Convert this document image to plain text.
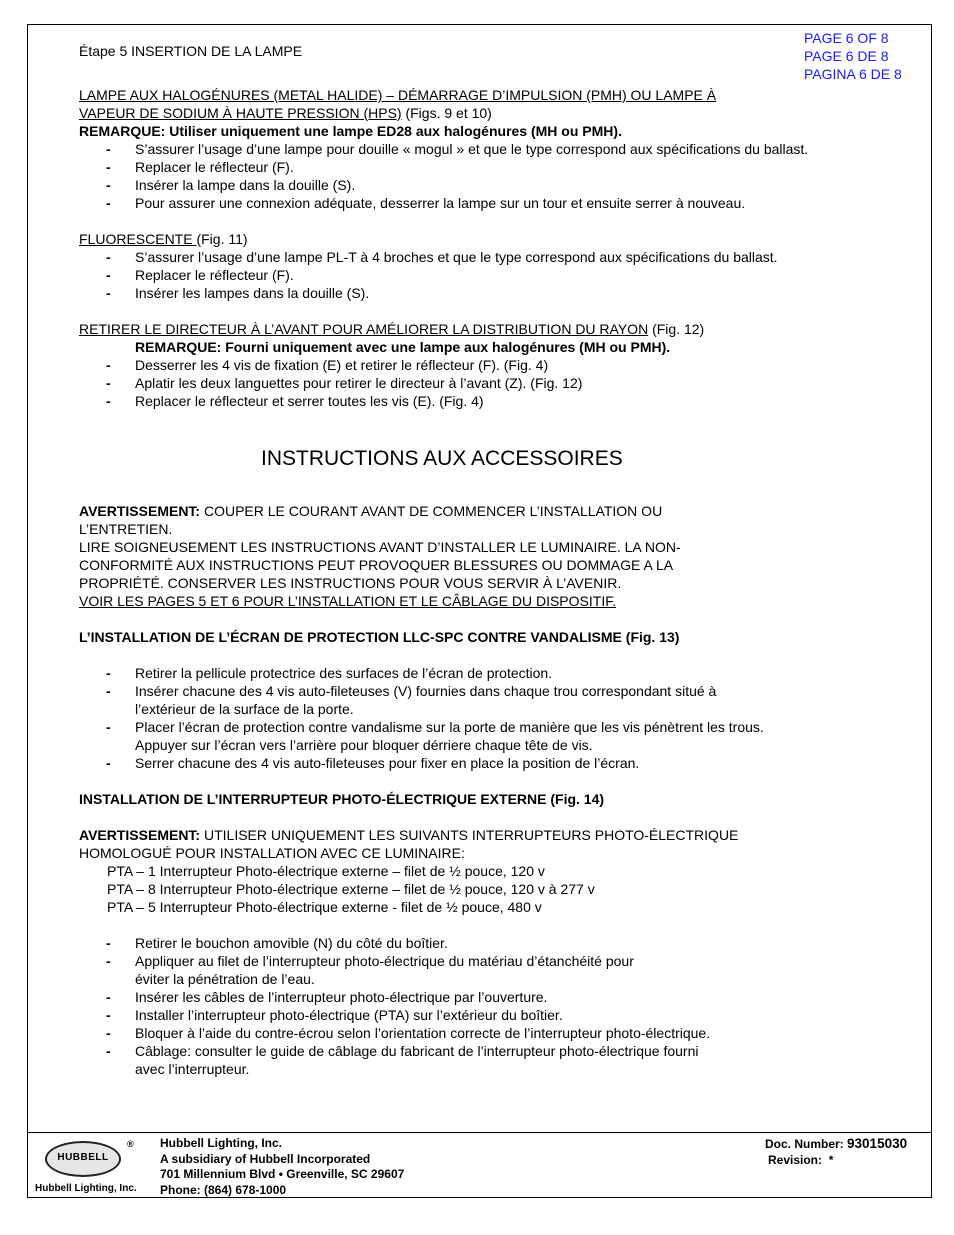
PAGE 6 OF 8
PAGE 6 DE 8
PAGINA 6 DE 8
Étape 5 INSERTION DE LA LAMPE
LAMPE AUX HALOGÉNURES (METAL HALIDE) – DÉMARRAGE D’IMPULSION (PMH) OU LAMPE À
VAPEUR DE SODIUM À HAUTE PRESSION (HPS) (Figs. 9 et 10)
REMARQUE: Utiliser uniquement une lampe ED28 aux halogénures (MH ou PMH).
- S’assurer l’usage d’une lampe pour douille « mogul » et que le type correspond aux spécifications du ballast.
- Replacer le réflecteur (F).
- Insérer la lampe dans la douille (S).
- Pour assurer une connexion adéquate, desserrer la lampe sur un tour et ensuite serrer à nouveau.
FLUORESCENTE (Fig. 11)
- S’assurer l’usage d’une lampe PL-T à 4 broches et que le type correspond aux spécifications du ballast.
- Replacer le réflecteur (F).
- Insérer les lampes dans la douille (S).
RETIRER LE DIRECTEUR À L’AVANT POUR AMÉLIORER LA DISTRIBUTION DU RAYON (Fig. 12)
REMARQUE: Fourni uniquement avec une lampe aux halogénures (MH ou PMH).
- Desserrer les 4 vis de fixation (E) et retirer le réflecteur (F). (Fig. 4)
- Aplatir les deux languettes pour retirer le directeur à l’avant (Z). (Fig. 12)
- Replacer le réflecteur et serrer toutes les vis (E). (Fig. 4)
INSTRUCTIONS AUX ACCESSOIRES
AVERTISSEMENT: COUPER LE COURANT AVANT DE COMMENCER L’INSTALLATION OU
L’ENTRETIEN.
LIRE SOIGNEUSEMENT LES INSTRUCTIONS AVANT D’INSTALLER LE LUMINAIRE. LA NON-
CONFORMITÉ AUX INSTRUCTIONS PEUT PROVOQUER BLESSURES OU DOMMAGE A LA
PROPRIÉTÉ. CONSERVER LES INSTRUCTIONS POUR VOUS SERVIR À L’AVENIR.
VOIR LES PAGES 5 ET 6 POUR L’INSTALLATION ET LE CÂBLAGE DU DISPOSITIF.
L’INSTALLATION DE L’ÉCRAN DE PROTECTION LLC-SPC CONTRE VANDALISME (Fig. 13)
- Retirer la pellicule protectrice des surfaces de l’écran de protection.
- Insérer chacune des 4 vis auto-fileteuses (V) fournies dans chaque trou correspondant situé à
l’extérieur de la surface de la porte.
- Placer l’écran de protection contre vandalisme sur la porte de manière que les vis pénètrent les trous.
Appuyer sur l’écran vers l’arrière pour bloquer dérriere chaque tête de vis.
- Serrer chacune des 4 vis auto-fileteuses pour fixer en place la position de l’écran.
INSTALLATION DE L’INTERRUPTEUR PHOTO-ÉLECTRIQUE EXTERNE (Fig. 14)
AVERTISSEMENT: UTILISER UNIQUEMENT LES SUIVANTS INTERRUPTEURS PHOTO-ÉLECTRIQUE
HOMOLOGUÉ POUR INSTALLATION AVEC CE LUMINAIRE:
PTA – 1 Interrupteur Photo-électrique externe – filet de ½ pouce, 120 v
PTA – 8 Interrupteur Photo-électrique externe – filet de ½ pouce, 120 v à 277 v
PTA – 5 Interrupteur Photo-électrique externe - filet de ½ pouce, 480 v
- Retirer le bouchon amovible (N) du côté du boîtier.
- Appliquer au filet de l’interrupteur photo-électrique du matériau d’étanchéité pour
éviter la pénétration de l’eau.
- Insérer les câbles de l’interrupteur photo-électrique par l’ouverture.
- Installer l’interrupteur photo-électrique (PTA) sur l’extérieur du boîtier.
- Bloquer à l’aide du contre-écrou selon l’orientation correcte de l’interrupteur photo-électrique.
- Câblage: consulter le guide de câblage du fabricant de l’interrupteur photo-électrique fourni
avec l’interrupteur.
HUBBELL
®
Hubbell Lighting, Inc.
Hubbell Lighting, Inc.
A subsidiary of Hubbell Incorporated
701 Millennium Blvd • Greenville, SC 29607
Phone: (864) 678-1000
Doc. Number: 93015030
Revision: *
